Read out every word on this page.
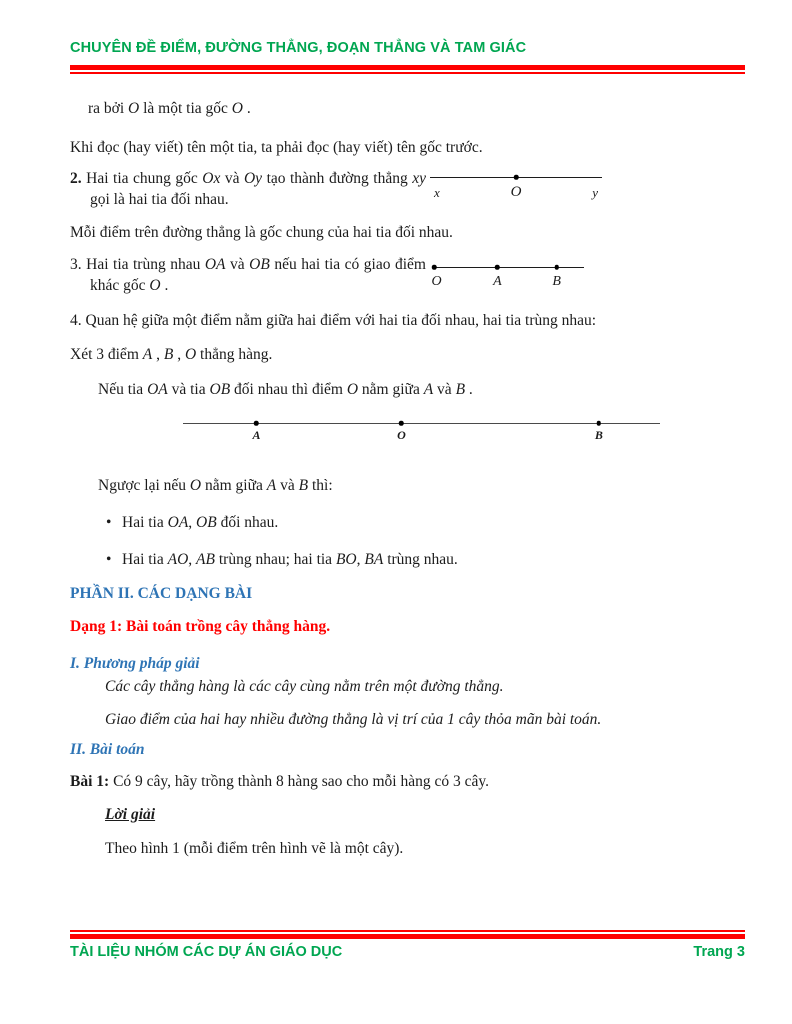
CHUYÊN ĐỀ ĐIỂM, ĐƯỜNG THẲNG, ĐOẠN THẲNG VÀ TAM GIÁC

ra bởi O là một tia gốc O .

Khi đọc (hay viết) tên một tia, ta phải đọc (hay viết) tên gốc trước.

2. Hai tia chung gốc Ox và Oy tạo thành đường thẳng xy gọi là hai tia đối nhau.	x	O	y

Mỗi điểm trên đường thẳng là gốc chung của hai tia đối nhau.

3. Hai tia trùng nhau OA và OB nếu hai tia có giao điểm khác gốc O .	O	A	B

4. Quan hệ giữa một điểm nằm giữa hai điểm với hai tia đối nhau, hai tia trùng nhau:

Xét 3 điểm A , B , O thẳng hàng.

Nếu tia OA và tia OB đối nhau thì điểm O nằm giữa A và B .

A	O	B

Ngược lại nếu O nằm giữa A và B thì:

• Hai tia OA, OB đối nhau.

• Hai tia AO, AB trùng nhau; hai tia BO, BA trùng nhau.

PHẦN II. CÁC DẠNG BÀI

Dạng 1: Bài toán trồng cây thẳng hàng.

I. Phương pháp giải

Các cây thẳng hàng là các cây cùng nằm trên một đường thẳng.

Giao điểm của hai hay nhiều đường thẳng là vị trí của 1 cây thỏa mãn bài toán.

II. Bài toán

Bài 1: Có 9 cây, hãy trồng thành 8 hàng sao cho mỗi hàng có 3 cây.

Lời giải

Theo hình 1 (mỗi điểm trên hình vẽ là một cây).

TÀI LIỆU NHÓM CÁC DỰ ÁN GIÁO DỤC	Trang 3
